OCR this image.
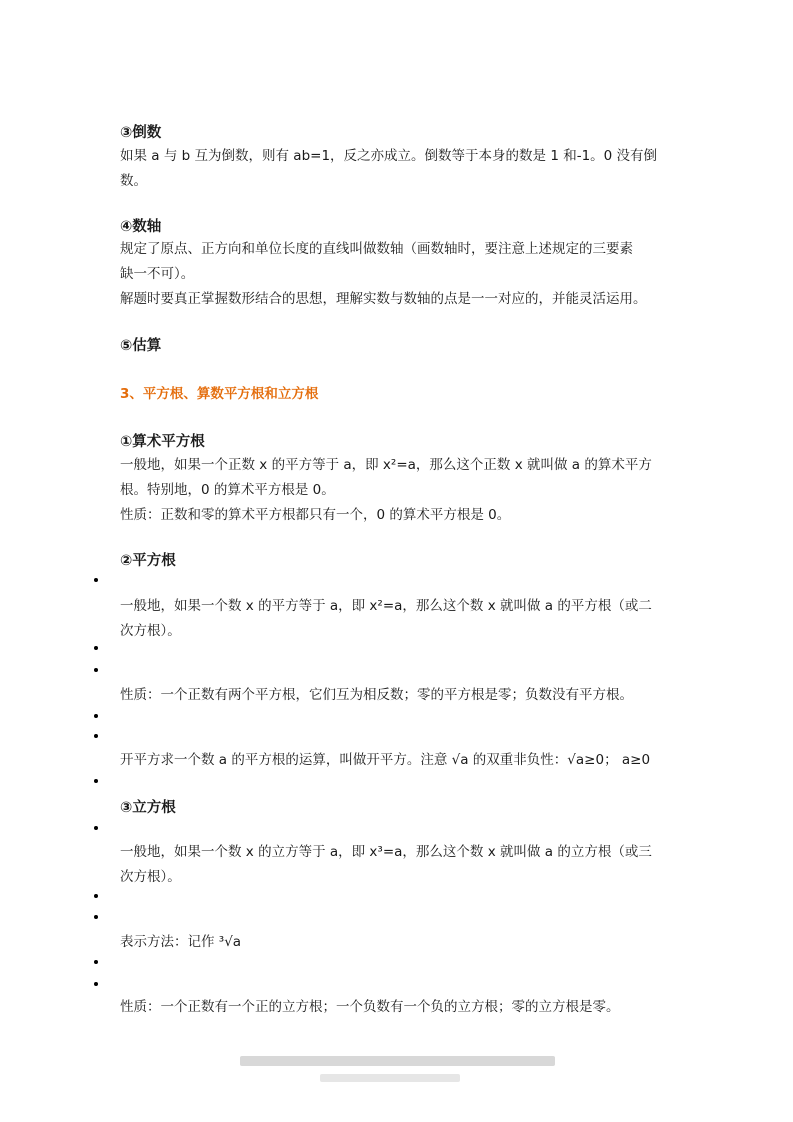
③倒数
如果 a 与 b 互为倒数，则有 ab=1，反之亦成立。倒数等于本身的数是 1 和-1。0 没有倒
数。
④数轴
规定了原点、正方向和单位长度的直线叫做数轴（画数轴时，要注意上述规定的三要素
缺一不可）。
解题时要真正掌握数形结合的思想，理解实数与数轴的点是一一对应的，并能灵活运用。
⑤估算
3、平方根、算数平方根和立方根
①算术平方根
一般地，如果一个正数 x 的平方等于 a，即 x²=a，那么这个正数 x 就叫做 a 的算术平方
根。特别地，0 的算术平方根是 0。
性质：正数和零的算术平方根都只有一个，0 的算术平方根是 0。
②平方根
一般地，如果一个数 x 的平方等于 a，即 x²=a，那么这个数 x 就叫做 a 的平方根（或二
次方根）。
性质：一个正数有两个平方根，它们互为相反数；零的平方根是零；负数没有平方根。
开平方求一个数 a 的平方根的运算，叫做开平方。注意 √a 的双重非负性：√a≥0； a≥0
③立方根
一般地，如果一个数 x 的立方等于 a，即 x³=a，那么这个数 x 就叫做 a 的立方根（或三
次方根）。
表示方法：记作 ³√a
性质：一个正数有一个正的立方根；一个负数有一个负的立方根；零的立方根是零。
